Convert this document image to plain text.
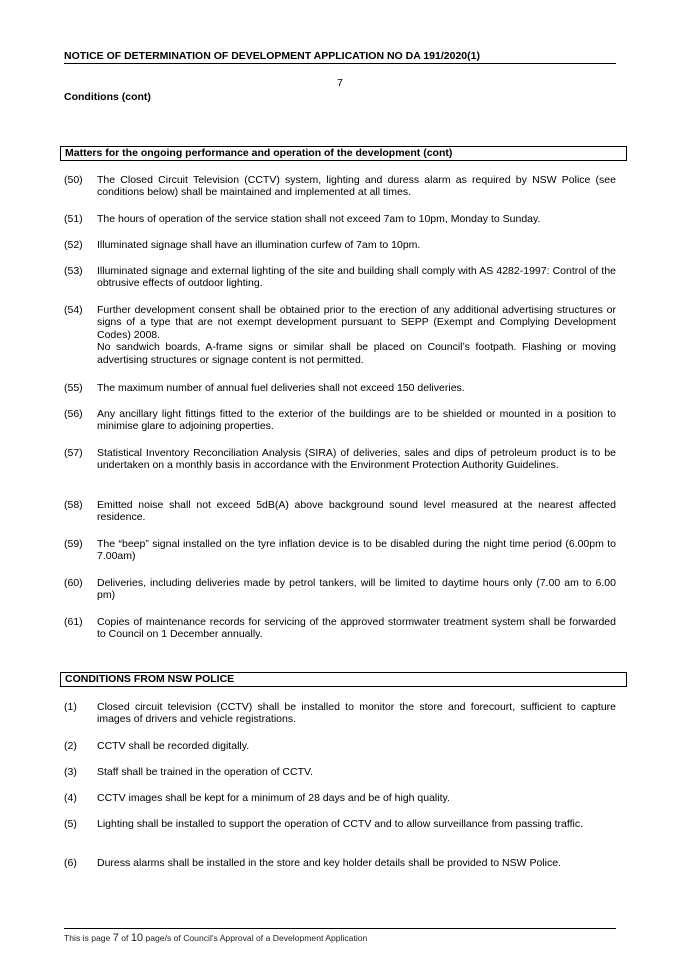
NOTICE OF DETERMINATION OF DEVELOPMENT APPLICATION NO DA 191/2020(1)
7
Conditions (cont)
Matters for the ongoing performance and operation of the development (cont)
(50)	The Closed Circuit Television (CCTV) system, lighting and duress alarm as required by NSW Police (see conditions below) shall be maintained and implemented at all times.

(51)	The hours of operation of the service station shall not exceed 7am to 10pm, Monday to Sunday.

(52)	Illuminated signage shall have an illumination curfew of 7am to 10pm.

(53)	Illuminated signage and external lighting of the site and building shall comply with AS 4282-1997: Control of the obtrusive effects of outdoor lighting.

(54)	Further development consent shall be obtained prior to the erection of any additional advertising structures or signs of a type that are not exempt development pursuant to SEPP (Exempt and Complying Development Codes) 2008.

No sandwich boards, A-frame signs or similar shall be placed on Council’s footpath. Flashing or moving advertising structures or signage content is not permitted.

(55)	The maximum number of annual fuel deliveries shall not exceed 150 deliveries.

(56)	Any ancillary light fittings fitted to the exterior of the buildings are to be shielded or mounted in a position to minimise glare to adjoining properties.

(57)	Statistical Inventory Reconciliation Analysis (SIRA) of deliveries, sales and dips of petroleum product is to be undertaken on a monthly basis in accordance with the Environment Protection Authority Guidelines.

(58)	Emitted noise shall not exceed 5dB(A) above background sound level measured at the nearest affected residence.

(59)	The “beep” signal installed on the tyre inflation device is to be disabled during the night time period (6.00pm to 7.00am)

(60)	Deliveries, including deliveries made by petrol tankers, will be limited to daytime hours only (7.00 am to 6.00 pm)

(61)	Copies of maintenance records for servicing of the approved stormwater treatment system shall be forwarded to Council on 1 December annually.

CONDITIONS FROM NSW POLICE
(1)	Closed circuit television (CCTV) shall be installed to monitor the store and forecourt, sufficient to capture images of drivers and vehicle registrations.

(2)	CCTV shall be recorded digitally.

(3)	Staff shall be trained in the operation of CCTV.

(4)	CCTV images shall be kept for a minimum of 28 days and be of high quality.

(5)	Lighting shall be installed to support the operation of CCTV and to allow surveillance from passing traffic.

(6)	Duress alarms shall be installed in the store and key holder details shall be provided to NSW Police.

This is page 7 of 10 page/s of Council's Approval of a Development Application
